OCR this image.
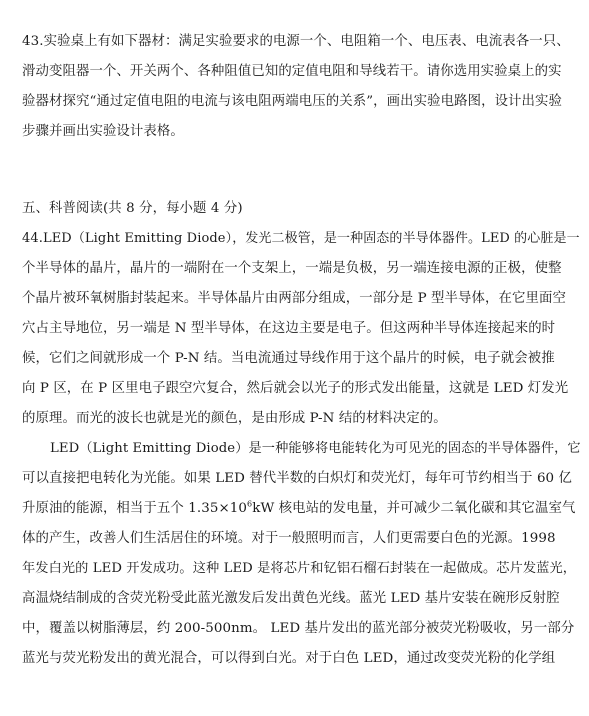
43.实验桌上有如下器材：满足实验要求的电源一个、电阻箱一个、电压表、电流表各一只、
滑动变阻器一个、开关两个、各种阻值已知的定值电阻和导线若干。请你选用实验桌上的实
验器材探究“通过定值电阻的电流与该电阻两端电压的关系”，画出实验电路图，设计出实验
步骤并画出实验设计表格。
五、科普阅读(共 8 分，每小题 4 分)
44.LED（Light Emitting Diode），发光二极管，是一种固态的半导体器件。LED 的心脏是一
个半导体的晶片，晶片的一端附在一个支架上，一端是负极，另一端连接电源的正极，使整
个晶片被环氧树脂封装起来。半导体晶片由两部分组成，一部分是 P 型半导体，在它里面空
穴占主导地位，另一端是 N 型半导体，在这边主要是电子。但这两种半导体连接起来的时
候，它们之间就形成一个 P-N 结。当电流通过导线作用于这个晶片的时候，电子就会被推
向 P 区，在 P 区里电子跟空穴复合，然后就会以光子的形式发出能量，这就是 LED 灯发光
的原理。而光的波长也就是光的颜色，是由形成 P-N 结的材料决定的。
LED（Light Emitting Diode）是一种能够将电能转化为可见光的固态的半导体器件，它
可以直接把电转化为光能。如果 LED 替代半数的白炽灯和荧光灯，每年可节约相当于 60 亿
升原油的能源，相当于五个 $1.35\times 10^6kW$ 核电站的发电量，并可减少二氧化碳和其它温室气
体的产生，改善人们生活居住的环境。对于一般照明而言，人们更需要白色的光源。1998
年发白光的 LED 开发成功。这种 LED 是将芯片和钇铝石榴石封装在一起做成。芯片发蓝光，
高温烧结制成的含荧光粉受此蓝光激发后发出黄色光线。蓝光 LED 基片安装在碗形反射腔
中，覆盖以树脂薄层，约 200-500nm。 LED 基片发出的蓝光部分被荧光粉吸收，另一部分
蓝光与荧光粉发出的黄光混合，可以得到白光。对于白色 LED，通过改变荧光粉的化学组
